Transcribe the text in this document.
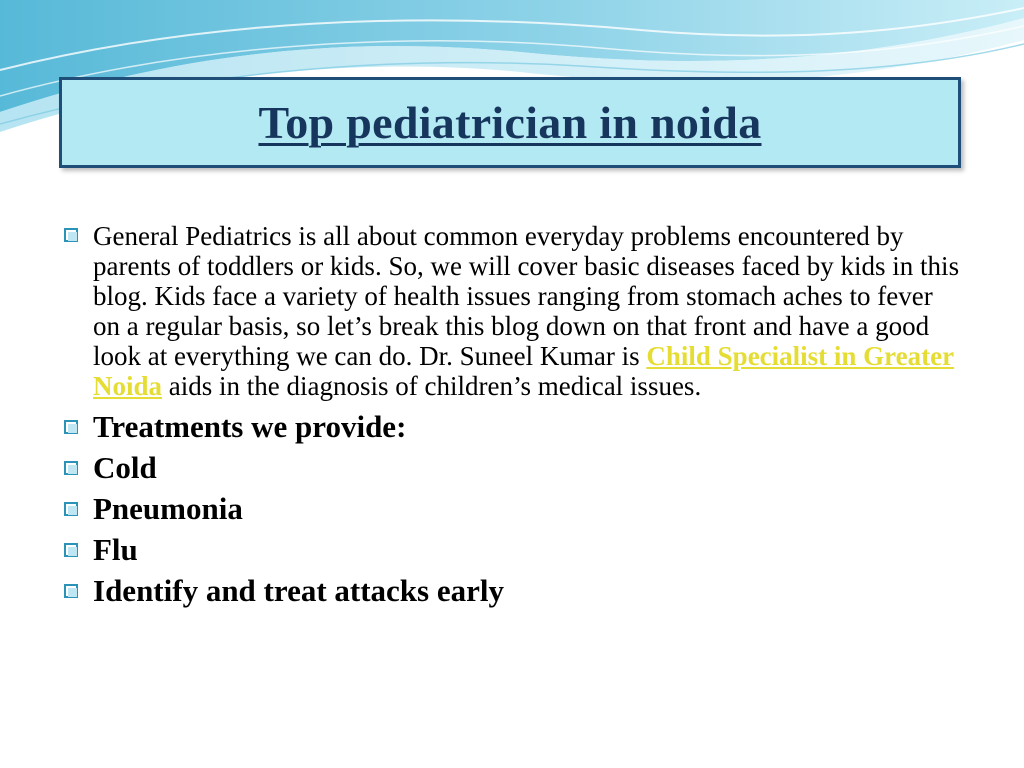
Top pediatrician in noida
General Pediatrics is all about common everyday problems encountered by parents of toddlers or kids. So, we will cover basic diseases faced by kids in this blog. Kids face a variety of health issues ranging from stomach aches to fever on a regular basis, so let’s break this blog down on that front and have a good look at everything we can do. Dr. Suneel Kumar is Child Specialist in Greater Noida aids in the diagnosis of children’s medical issues.
Treatments we provide:
Cold
Pneumonia
Flu
Identify and treat attacks early
